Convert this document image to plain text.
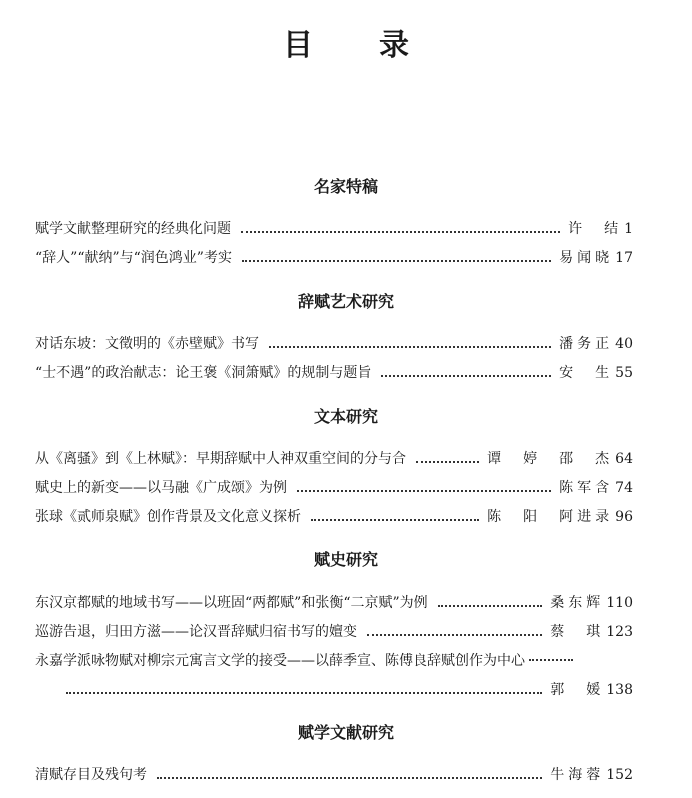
目录
名家特稿
赋学文献整理研究的经典化问题	许　结 1
“辞人”“献纳”与“润色鸿业”考实	易闻晓 17
辞赋艺术研究
对话东坡：文徵明的《赤壁赋》书写	潘务正 40
“士不遇”的政治献志：论王褒《洞箫赋》的规制与题旨	安　生 55
文本研究
从《离骚》到《上林赋》：早期辞赋中人神双重空间的分与合	谭　婷　邵　杰 64
赋史上的新变——以马融《广成颂》为例	陈军含 74
张球《贰师泉赋》创作背景及文化意义探析	陈　阳　阿进录 96
赋史研究
东汉京都赋的地域书写——以班固“两都赋”和张衡“二京赋”为例	桑东辉 110
巡游告退，归田方滋——论汉晋辞赋归宿书写的嬗变	蔡　琪 123
永嘉学派咏物赋对柳宗元寓言文学的接受——以薛季宣、陈傅良辞赋创作为中心
郭　媛 138
赋学文献研究
清赋存目及残句考	牛海蓉 152
